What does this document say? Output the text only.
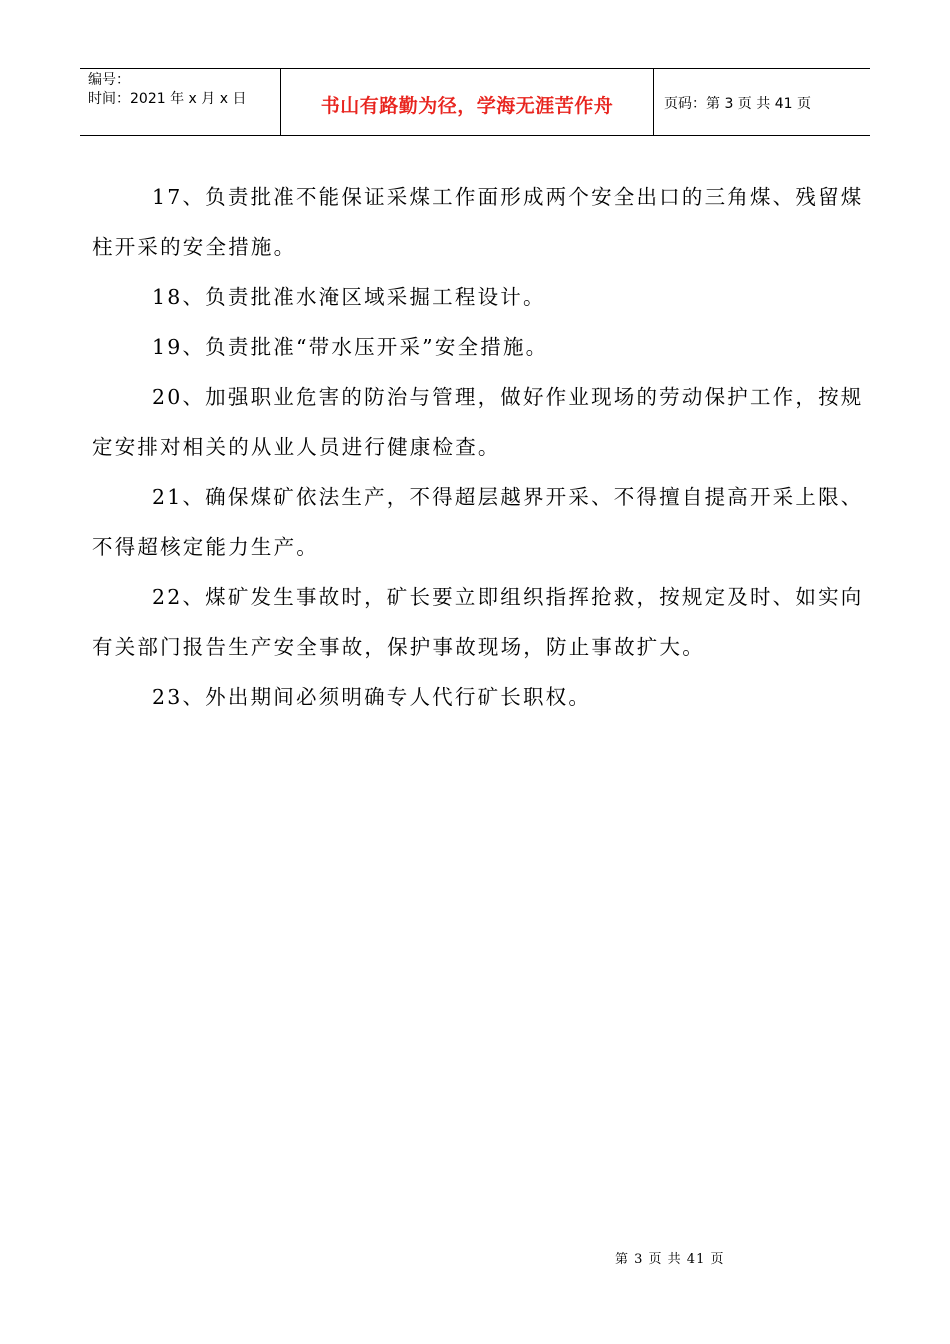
编号：
时间：2021 年 x 月 x 日	书山有路勤为径，学海无涯苦作舟	页码：第 3 页 共 41 页

17、负责批准不能保证采煤工作面形成两个安全出口的三角煤、残留煤柱开采的安全措施。

18、负责批准水淹区域采掘工程设计。

19、负责批准“带水压开采”安全措施。

20、加强职业危害的防治与管理，做好作业现场的劳动保护工作，按规定安排对相关的从业人员进行健康检查。

21、确保煤矿依法生产，不得超层越界开采、不得擅自提高开采上限、不得超核定能力生产。

22、煤矿发生事故时，矿长要立即组织指挥抢救，按规定及时、如实向有关部门报告生产安全事故，保护事故现场，防止事故扩大。

23、外出期间必须明确专人代行矿长职权。

第 3 页 共 41 页
